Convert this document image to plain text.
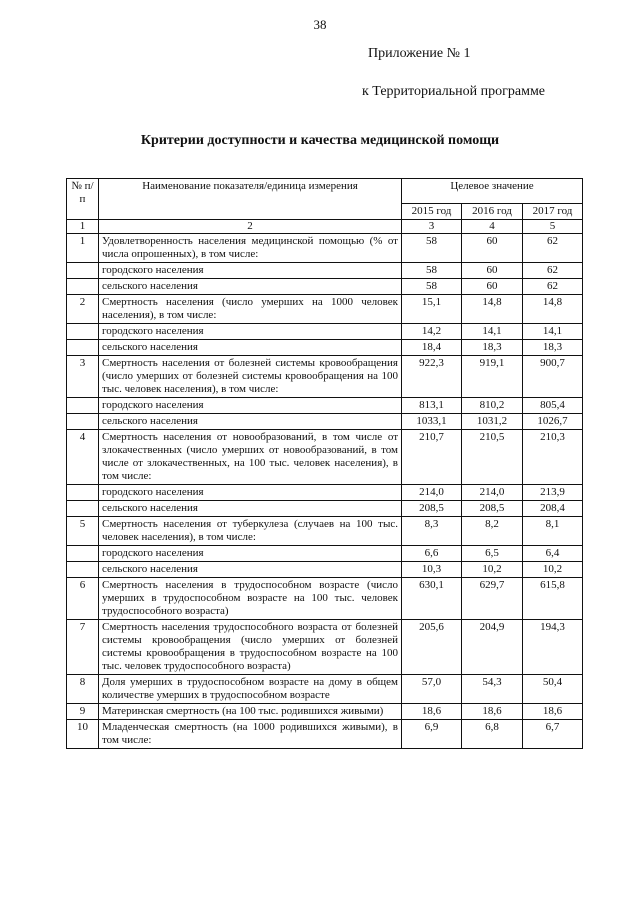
38
Приложение № 1
к Территориальной программе
Критерии доступности и качества медицинской помощи
№ п/п	Наименование показателя/единица измерения	Целевое значение		
		2015 год	2016 год	2017 год
1	2	3	4	5
1	Удовлетворенность населения медицинской помощью (% от числа опрошенных), в том числе:	58	60	62
	городского населения	58	60	62
	сельского населения	58	60	62
2	Смертность населения (число умерших на 1000 человек населения), в том числе:	15,1	14,8	14,8
	городского населения	14,2	14,1	14,1
	сельского населения	18,4	18,3	18,3
3	Смертность населения от болезней системы кровообращения (число умерших от болезней системы кровообращения на 100 тыс. человек населения), в том числе:	922,3	919,1	900,7
	городского населения	813,1	810,2	805,4
	сельского населения	1033,1	1031,2	1026,7
4	Смертность населения от новообразований, в том числе от злокачественных (число умерших от новообразований, в том числе от злокачественных, на 100 тыс. человек населения), в том числе:	210,7	210,5	210,3
	городского населения	214,0	214,0	213,9
	сельского населения	208,5	208,5	208,4
5	Смертность населения от туберкулеза (случаев на 100 тыс. человек населения), в том числе:	8,3	8,2	8,1
	городского населения	6,6	6,5	6,4
	сельского населения	10,3	10,2	10,2
6	Смертность населения в трудоспособном возрасте (число умерших в трудоспособном возрасте на 100 тыс. человек трудоспособного возраста)	630,1	629,7	615,8
7	Смертность населения трудоспособного возраста от болезней системы кровообращения (число умерших от болезней системы кровообращения в трудоспособном возрасте на 100 тыс. человек трудоспособного возраста)	205,6	204,9	194,3
8	Доля умерших в трудоспособном возрасте на дому в общем количестве умерших в трудоспособном возрасте	57,0	54,3	50,4
9	Материнская смертность (на 100 тыс. родившихся живыми)	18,6	18,6	18,6
10	Младенческая смертность (на 1000 родившихся живыми), в том числе:	6,9	6,8	6,7
